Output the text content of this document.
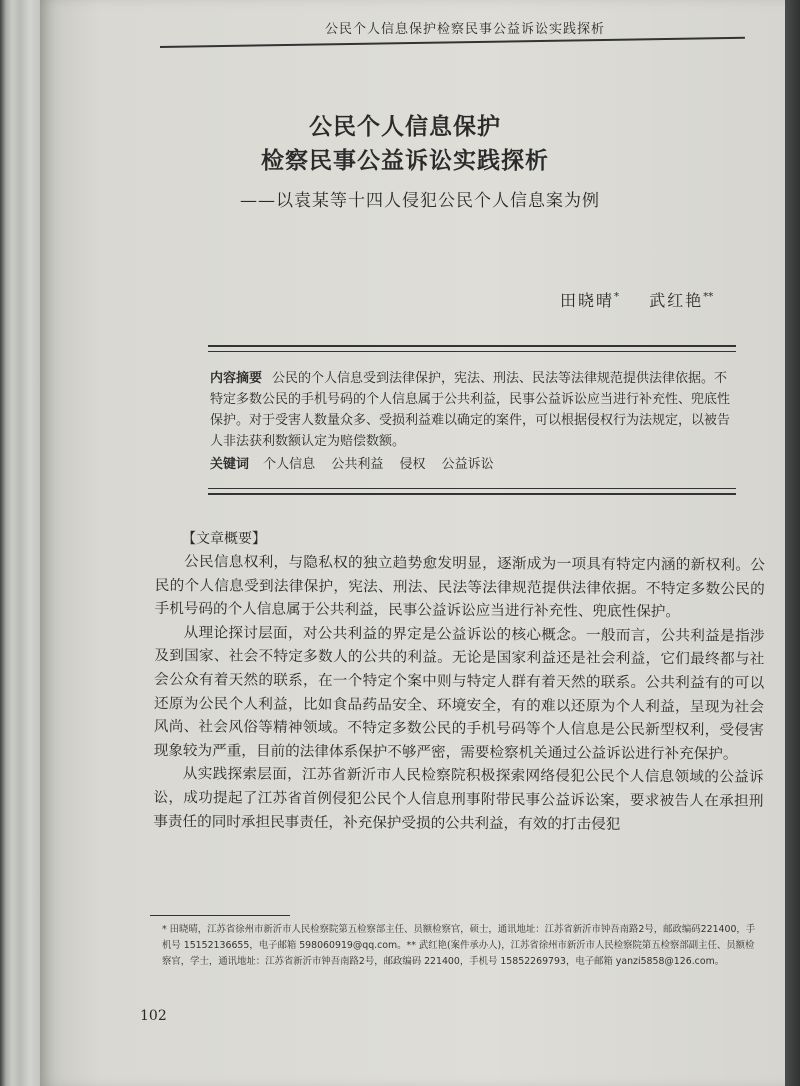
公民个人信息保护检察民事公益诉讼实践探析
公民个人信息保护
检察民事公益诉讼实践探析
——以袁某等十四人侵犯公民个人信息案为例
田晓晴* 武红艳**
内容摘要 公民的个人信息受到法律保护，宪法、刑法、民法等法律规范提供法律依据。不特定多数公民的手机号码的个人信息属于公共利益，民事公益诉讼应当进行补充性、兜底性保护。对于受害人数量众多、受损利益难以确定的案件，可以根据侵权行为法规定，以被告人非法获利数额认定为赔偿数额。
关键词 个人信息 公共利益 侵权 公益诉讼
【文章概要】

公民信息权利，与隐私权的独立趋势愈发明显，逐渐成为一项具有特定内涵的新权利。公民的个人信息受到法律保护，宪法、刑法、民法等法律规范提供法律依据。不特定多数公民的手机号码的个人信息属于公共利益，民事公益诉讼应当进行补充性、兜底性保护。

从理论探讨层面，对公共利益的界定是公益诉讼的核心概念。一般而言，公共利益是指涉及到国家、社会不特定多数人的公共的利益。无论是国家利益还是社会利益，它们最终都与社会公众有着天然的联系，在一个特定个案中则与特定人群有着天然的联系。公共利益有的可以还原为公民个人利益，比如食品药品安全、环境安全，有的难以还原为个人利益，呈现为社会风尚、社会风俗等精神领域。不特定多数公民的手机号码等个人信息是公民新型权利，受侵害现象较为严重，目前的法律体系保护不够严密，需要检察机关通过公益诉讼进行补充保护。

从实践探索层面，江苏省新沂市人民检察院积极探索网络侵犯公民个人信息领域的公益诉讼，成功提起了江苏省首例侵犯公民个人信息刑事附带民事公益诉讼案，要求被告人在承担刑事责任的同时承担民事责任，补充保护受损的公共利益，有效的打击侵犯

* 田晓晴，江苏省徐州市新沂市人民检察院第五检察部主任、员额检察官，硕士，通讯地址：江苏省新沂市钟吾南路2号，邮政编码221400，手机号 15152136655，电子邮箱 598060919@qq.com。** 武红艳(案件承办人)，江苏省徐州市新沂市人民检察院第五检察部副主任、员额检察官，学士，通讯地址：江苏省新沂市钟吾南路2号，邮政编码 221400，手机号 15852269793，电子邮箱 yanzi5858@126.com。
102
